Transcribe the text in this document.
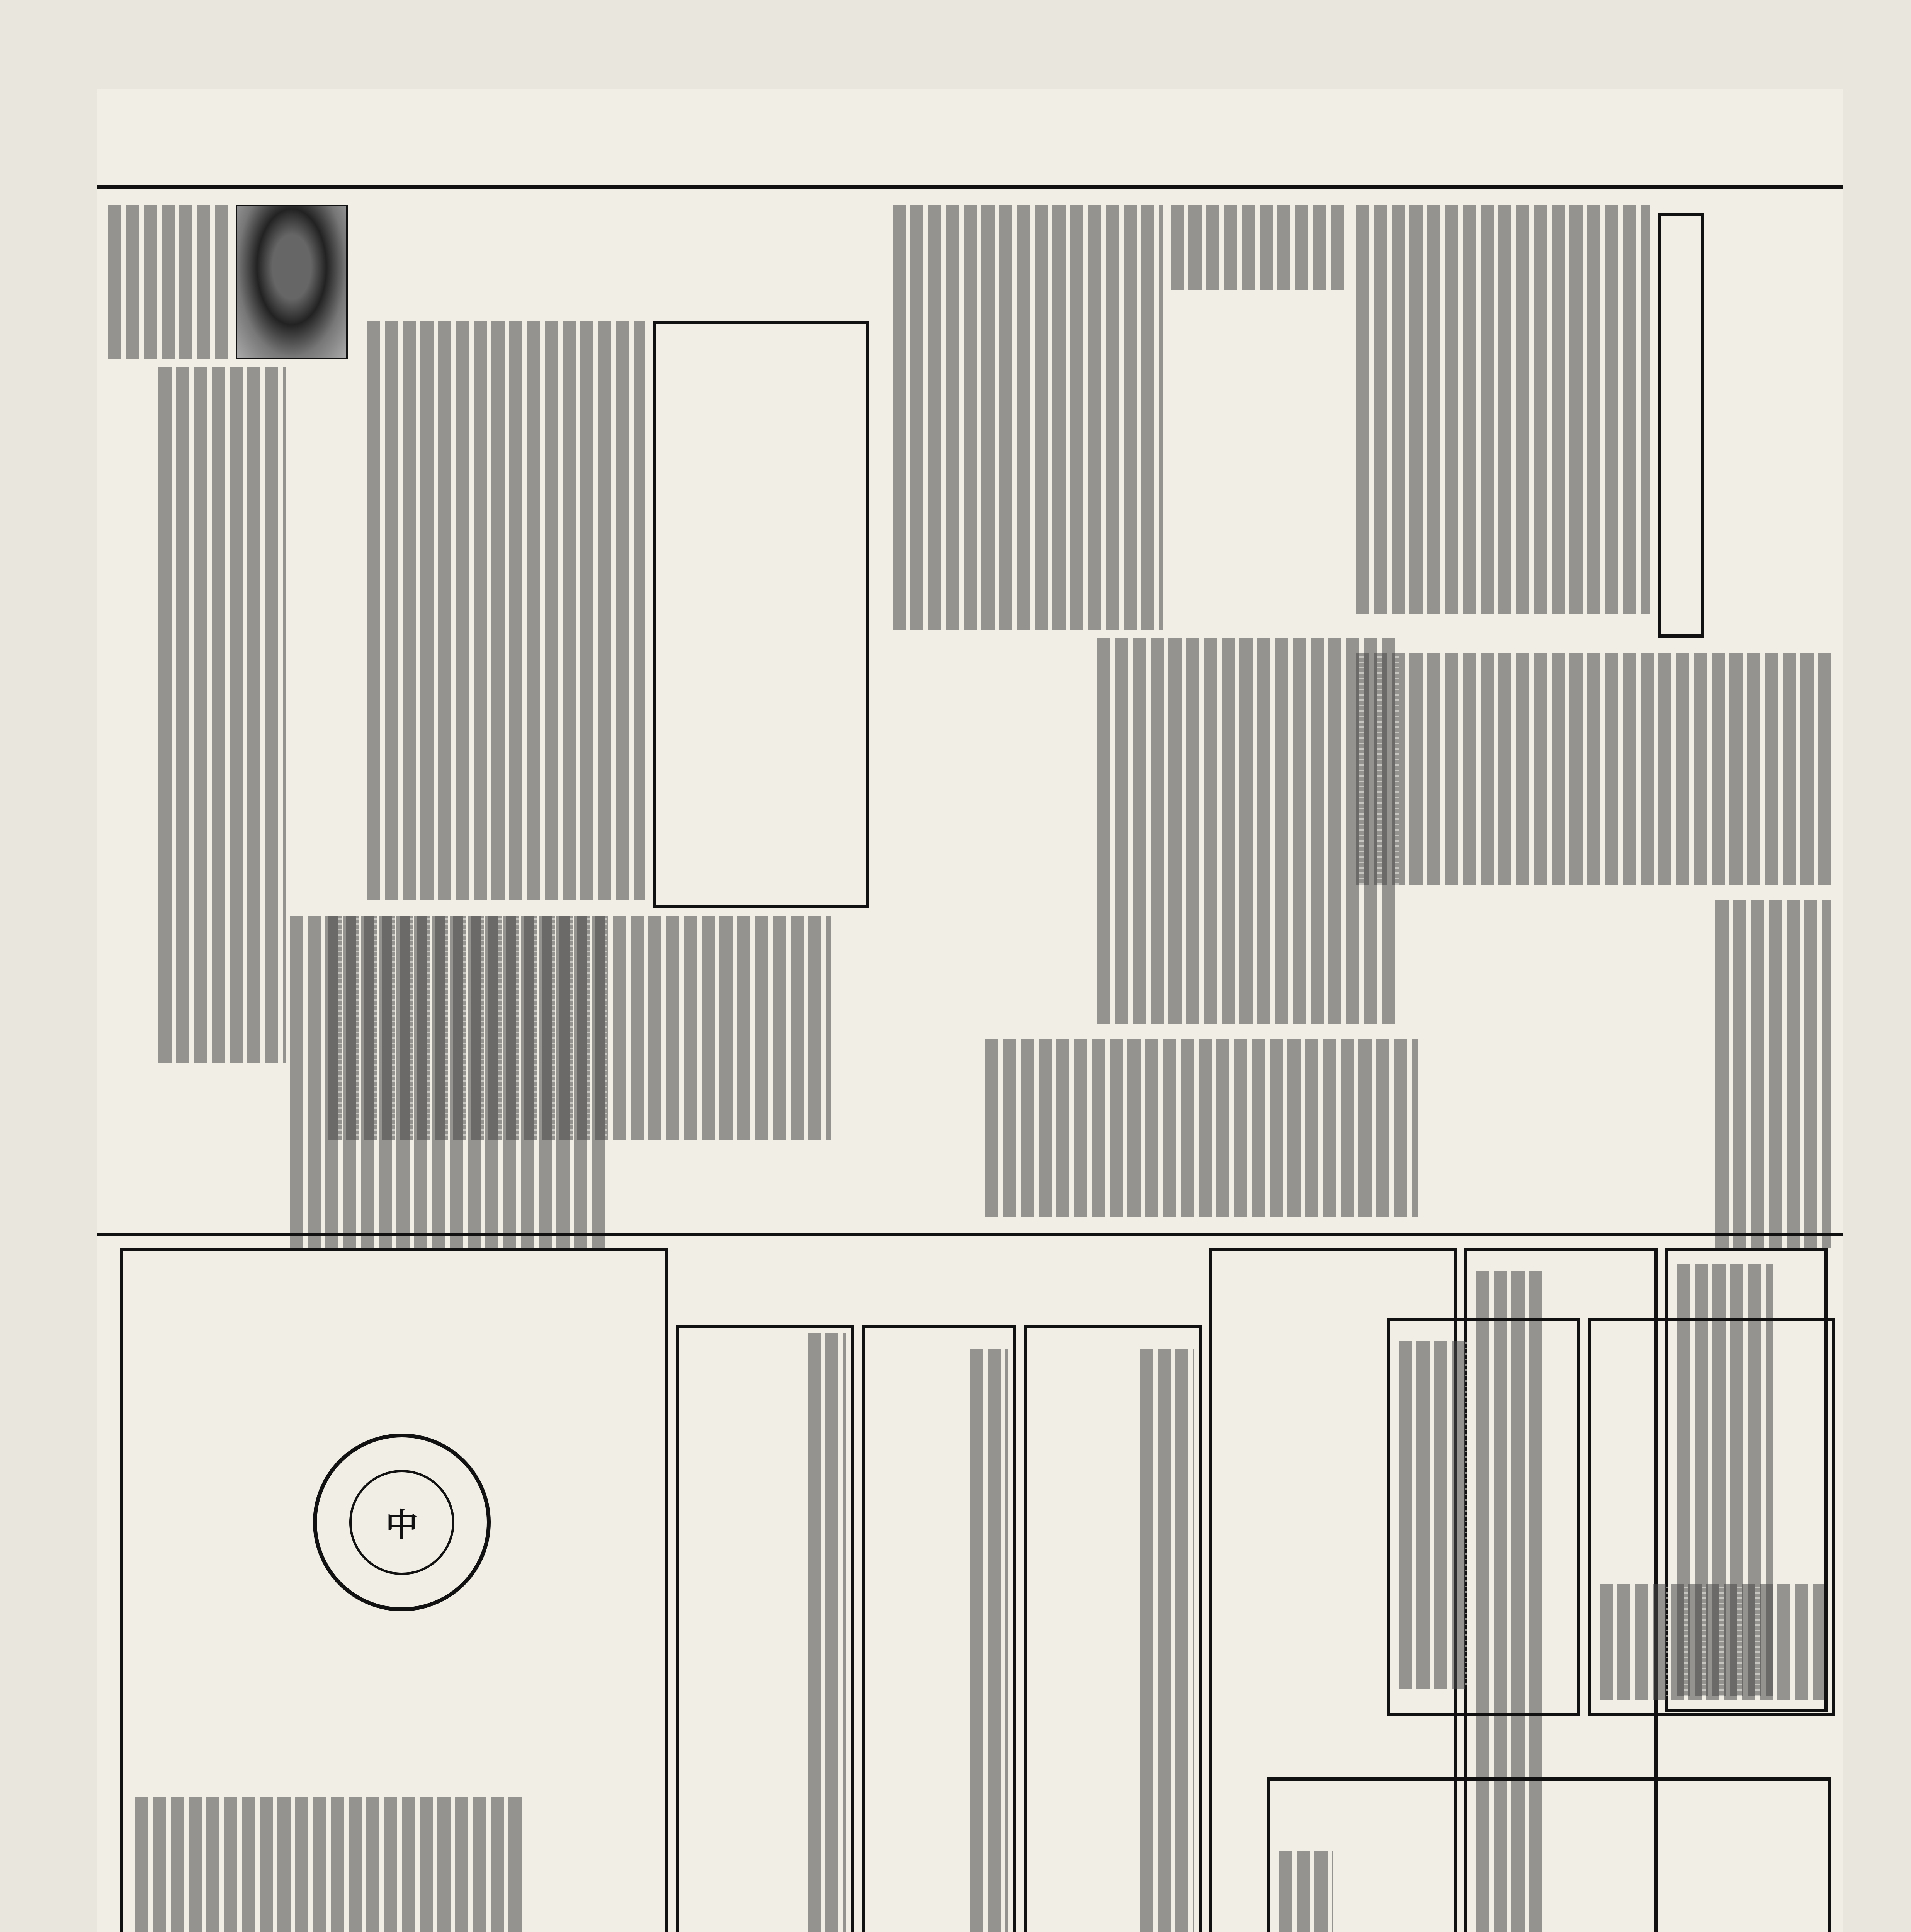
中
